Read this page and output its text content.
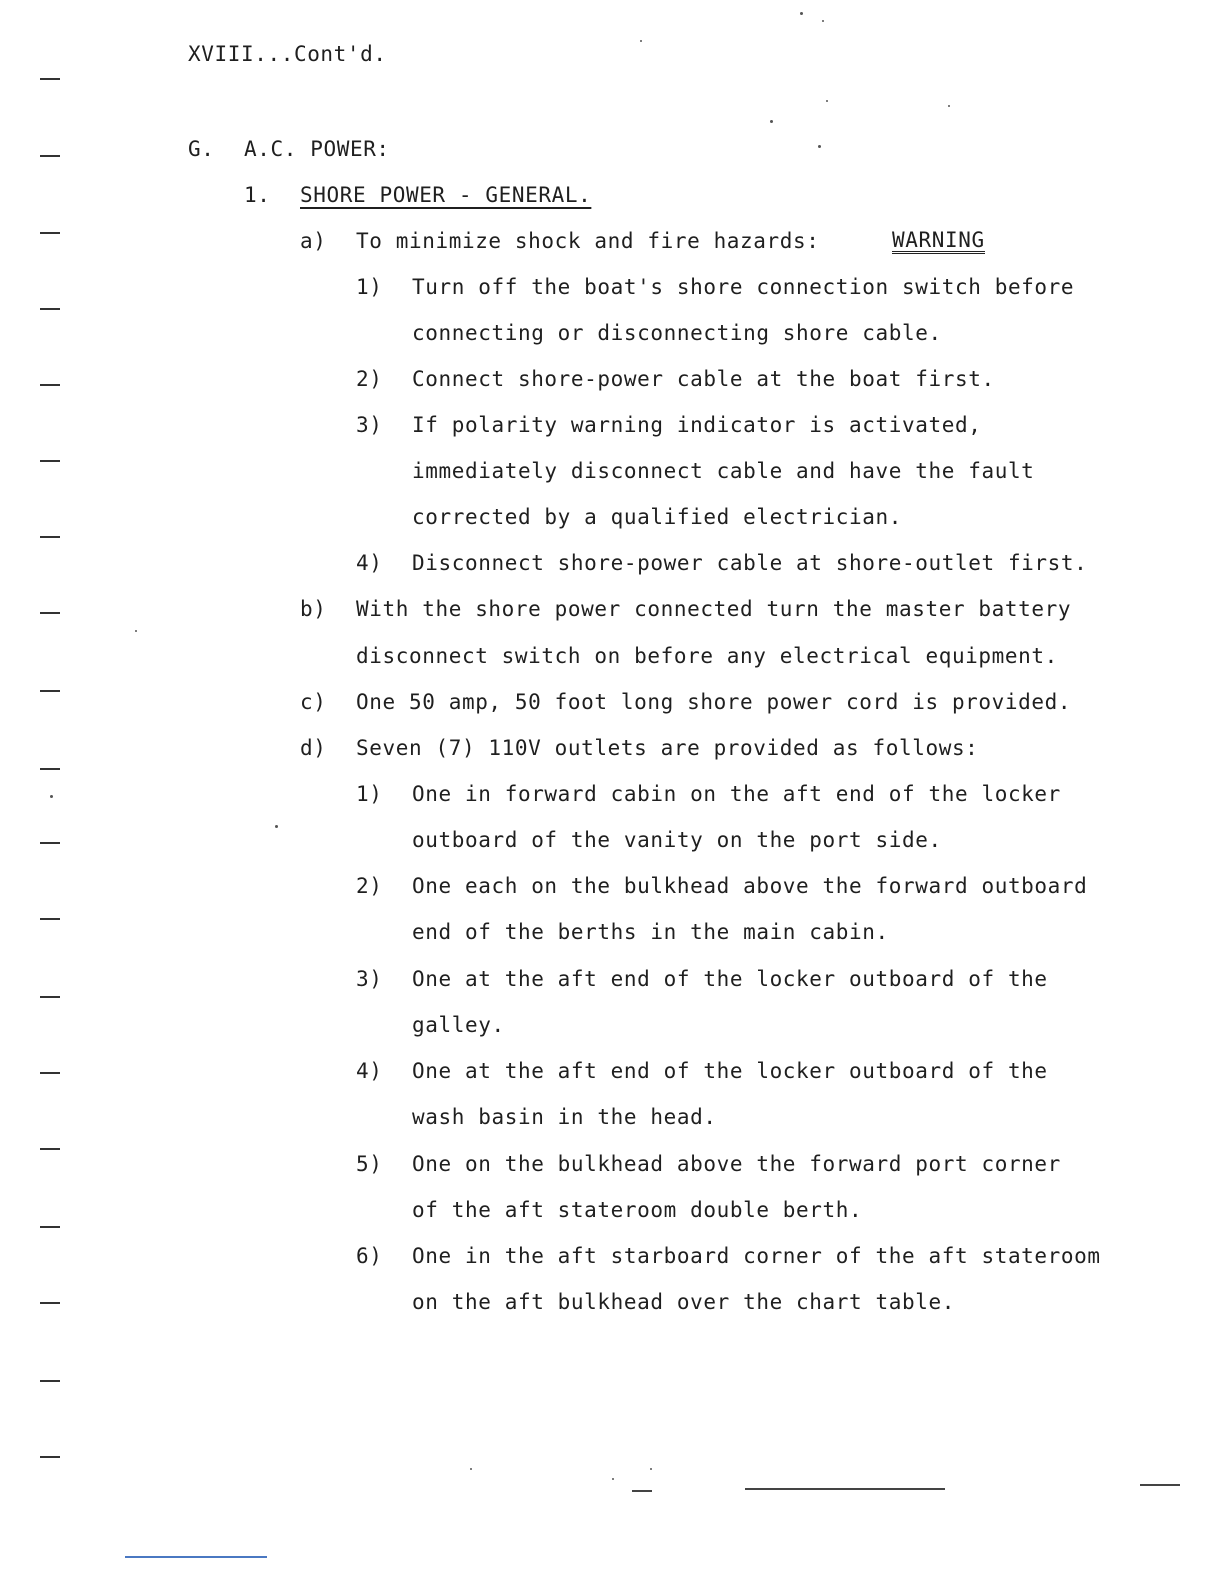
XVIII...Cont'd.
G. A.C. POWER:
1. SHORE POWER - GENERAL.
a) To minimize shock and fire hazards:	WARNING
1) Turn off the boat's shore connection switch before
connecting or disconnecting shore cable.
2) Connect shore-power cable at the boat first.
3) If polarity warning indicator is activated,
immediately disconnect cable and have the fault
corrected by a qualified electrician.
4) Disconnect shore-power cable at shore-outlet first.
b) With the shore power connected turn the master battery
disconnect switch on before any electrical equipment.
c) One 50 amp, 50 foot long shore power cord is provided.
d) Seven (7) 110V outlets are provided as follows:
1) One in forward cabin on the aft end of the locker
outboard of the vanity on the port side.
2) One each on the bulkhead above the forward outboard
end of the berths in the main cabin.
3) One at the aft end of the locker outboard of the
galley.
4) One at the aft end of the locker outboard of the
wash basin in the head.
5) One on the bulkhead above the forward port corner
of the aft stateroom double berth.
6) One in the aft starboard corner of the aft stateroom
on the aft bulkhead over the chart table.
